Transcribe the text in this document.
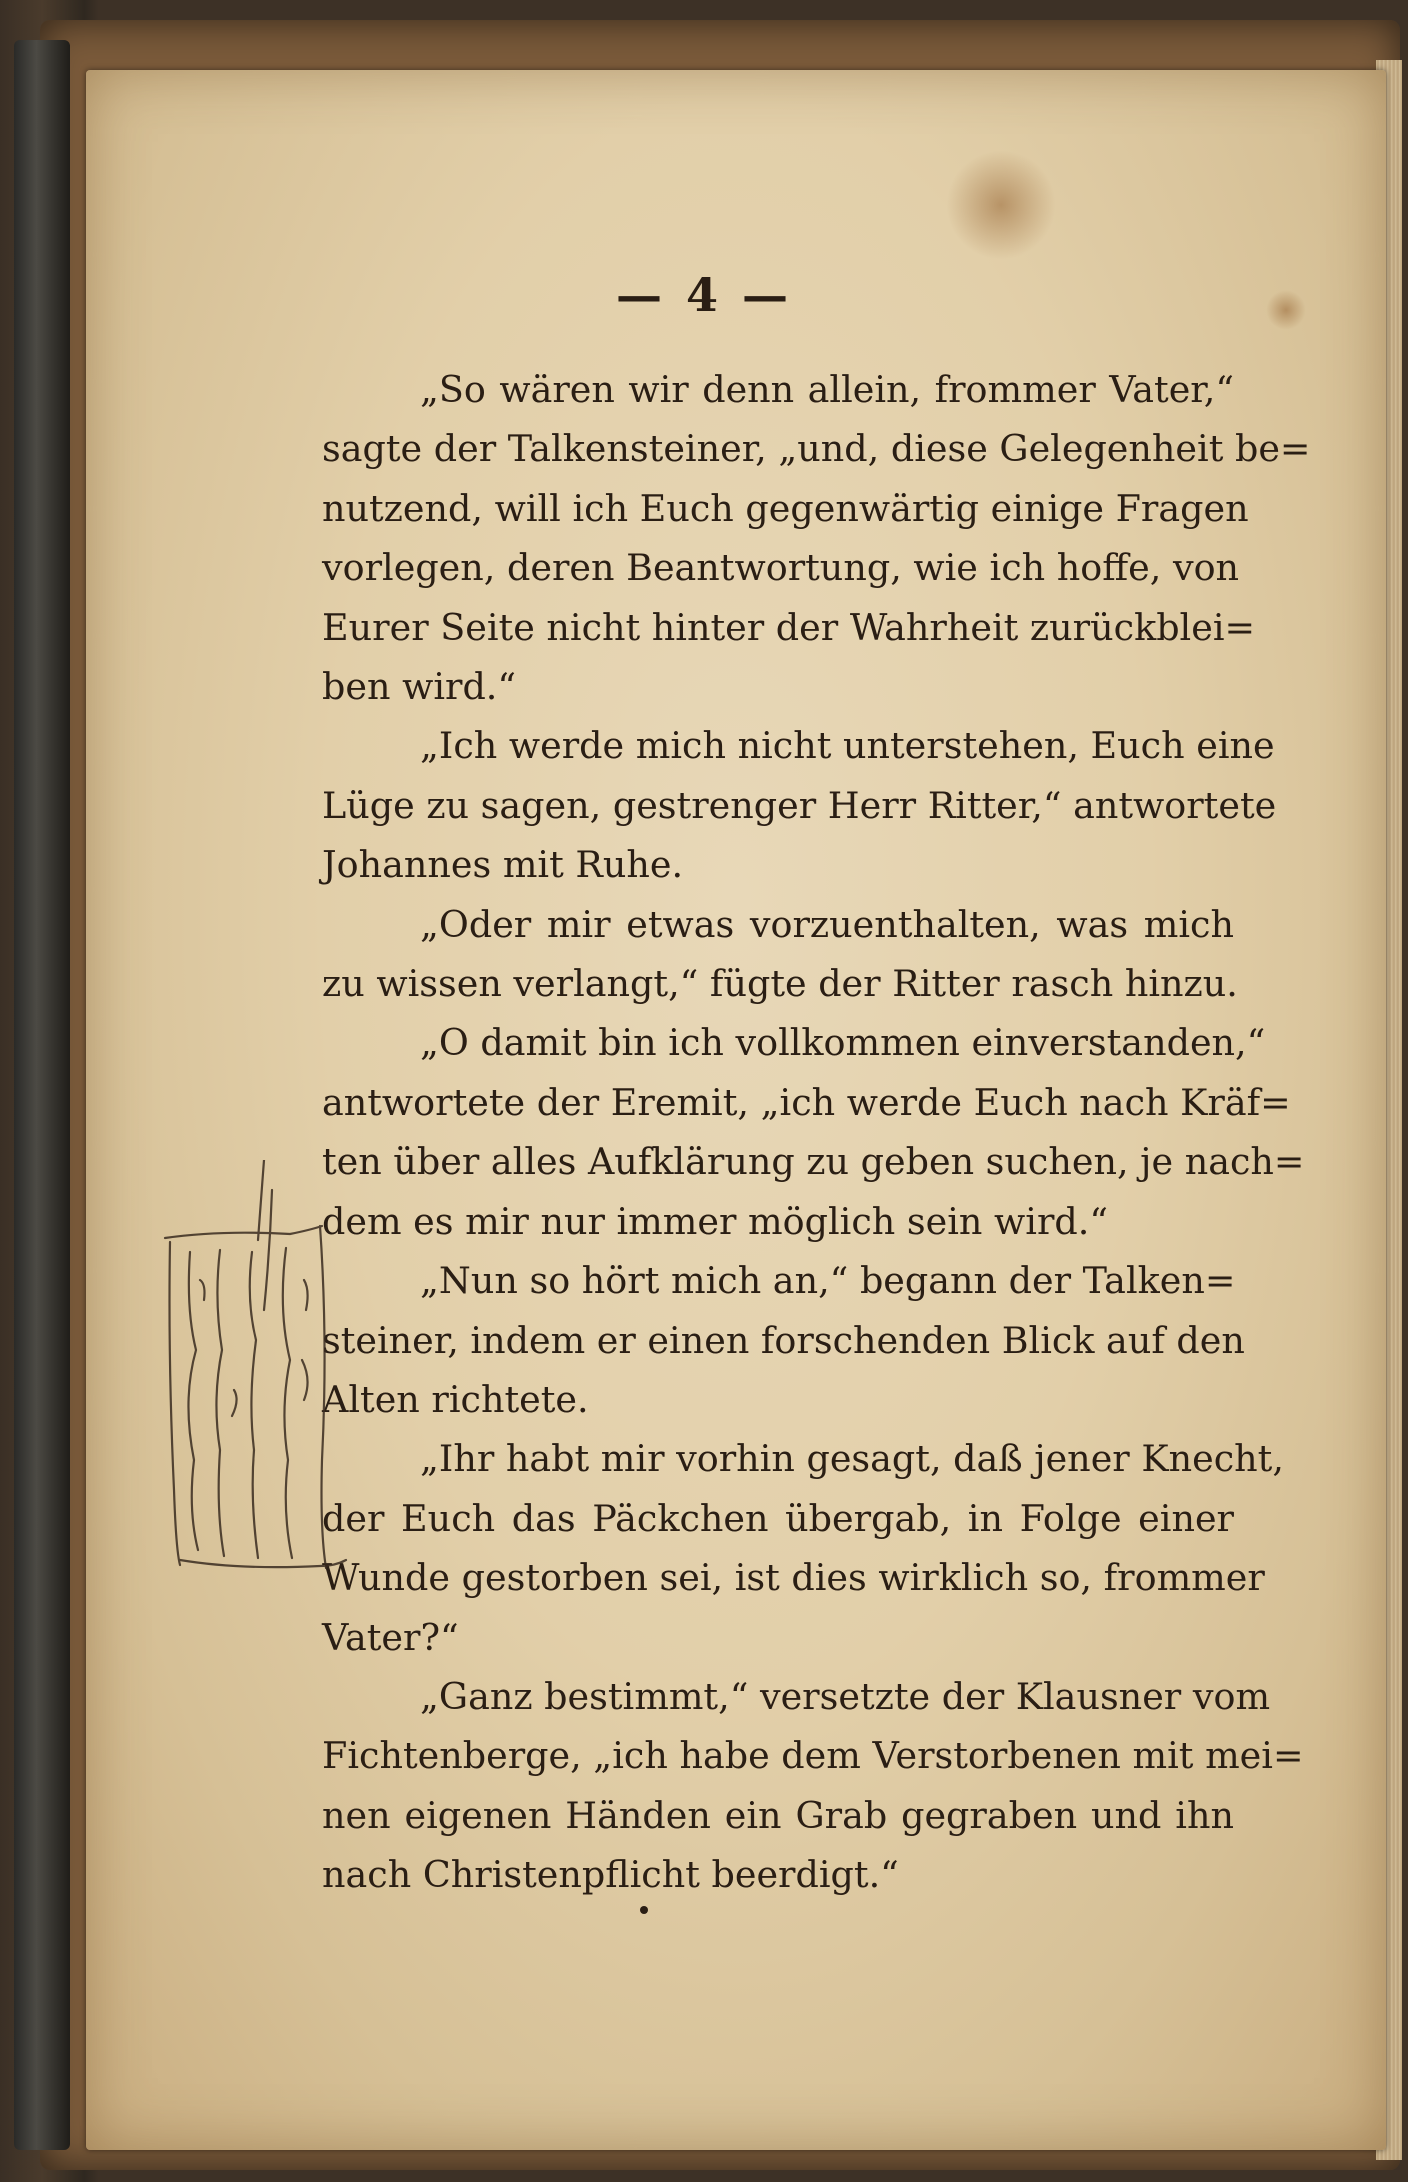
— 4 —

„So wären wir denn allein, frommer Vater,“
sagte der Talkensteiner, „und, diese Gelegenheit be=
nutzend, will ich Euch gegenwärtig einige Fragen
vorlegen, deren Beantwortung, wie ich hoffe, von
Eurer Seite nicht hinter der Wahrheit zurückblei=
ben wird.“

„Ich werde mich nicht unterstehen, Euch eine
Lüge zu sagen, gestrenger Herr Ritter,“ antwortete
Johannes mit Ruhe.

„Oder mir etwas vorzuenthalten, was mich
zu wissen verlangt,“ fügte der Ritter rasch hinzu.

„O damit bin ich vollkommen einverstanden,“
antwortete der Eremit, „ich werde Euch nach Kräf=
ten über alles Aufklärung zu geben suchen, je nach=
dem es mir nur immer möglich sein wird.“

„Nun so hört mich an,“ begann der Talken=
steiner, indem er einen forschenden Blick auf den
Alten richtete.

„Ihr habt mir vorhin gesagt, daß jener Knecht,
der Euch das Päckchen übergab, in Folge einer
Wunde gestorben sei, ist dies wirklich so, frommer
Vater?“

„Ganz bestimmt,“ versetzte der Klausner vom
Fichtenberge, „ich habe dem Verstorbenen mit mei=
nen eigenen Händen ein Grab gegraben und ihn
nach Christenpflicht beerdigt.“
